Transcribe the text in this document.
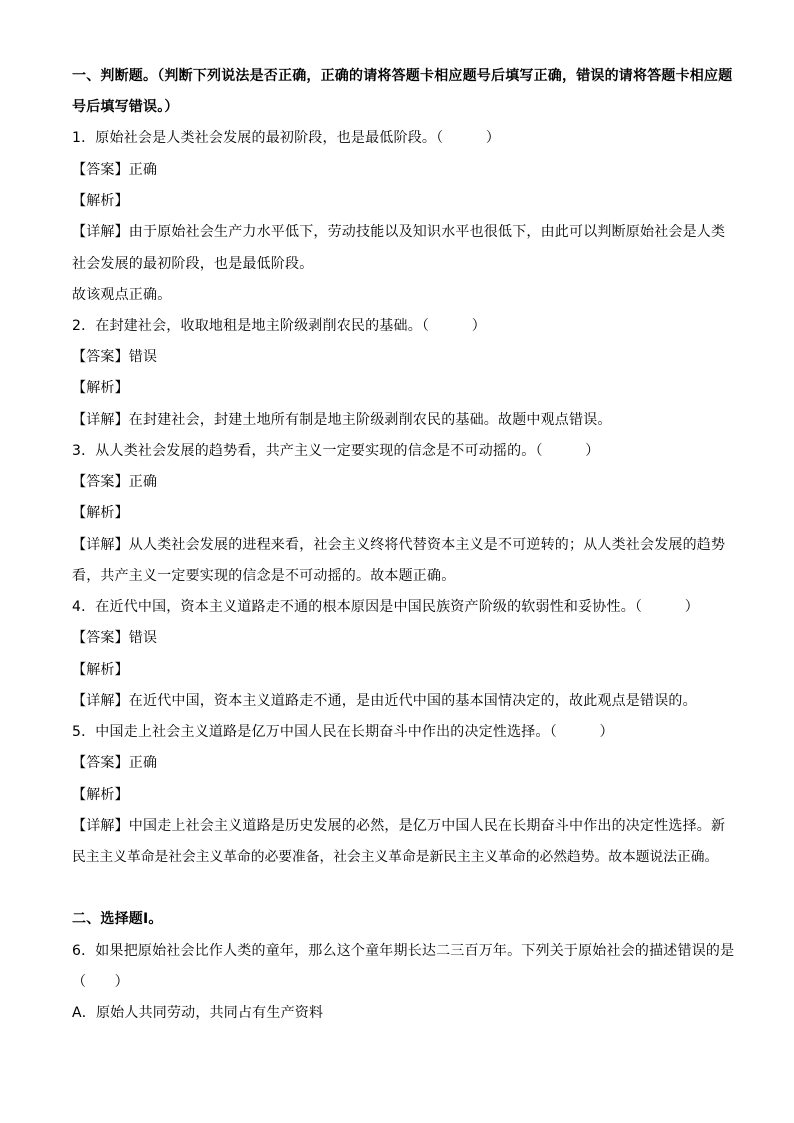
一、判断题。（判断下列说法是否正确，正确的请将答题卡相应题号后填写正确，错误的请将答题卡相应题
号后填写错误。）
1．原始社会是人类社会发展的最初阶段，也是最低阶段。（　　　）
【答案】正确
【解析】
【详解】由于原始社会生产力水平低下，劳动技能以及知识水平也很低下，由此可以判断原始社会是人类
社会发展的最初阶段，也是最低阶段。
故该观点正确。
2．在封建社会，收取地租是地主阶级剥削农民的基础。（　　　）
【答案】错误
【解析】
【详解】在封建社会，封建土地所有制是地主阶级剥削农民的基础。故题中观点错误。
3．从人类社会发展的趋势看，共产主义一定要实现的信念是不可动摇的。（　　　）
【答案】正确
【解析】
【详解】从人类社会发展的进程来看，社会主义终将代替资本主义是不可逆转的；从人类社会发展的趋势
看，共产主义一定要实现的信念是不可动摇的。故本题正确。
4．在近代中国，资本主义道路走不通的根本原因是中国民族资产阶级的软弱性和妥协性。（　　　）
【答案】错误
【解析】
【详解】在近代中国，资本主义道路走不通，是由近代中国的基本国情决定的，故此观点是错误的。
5．中国走上社会主义道路是亿万中国人民在长期奋斗中作出的决定性选择。（　　　）
【答案】正确
【解析】
【详解】中国走上社会主义道路是历史发展的必然，是亿万中国人民在长期奋斗中作出的决定性选择。新
民主主义革命是社会主义革命的必要准备，社会主义革命是新民主主义革命的必然趋势。故本题说法正确。
二、选择题Ⅰ。
6．如果把原始社会比作人类的童年，那么这个童年期长达二三百万年。下列关于原始社会的描述错误的是
（　　）
A．原始人共同劳动，共同占有生产资料
